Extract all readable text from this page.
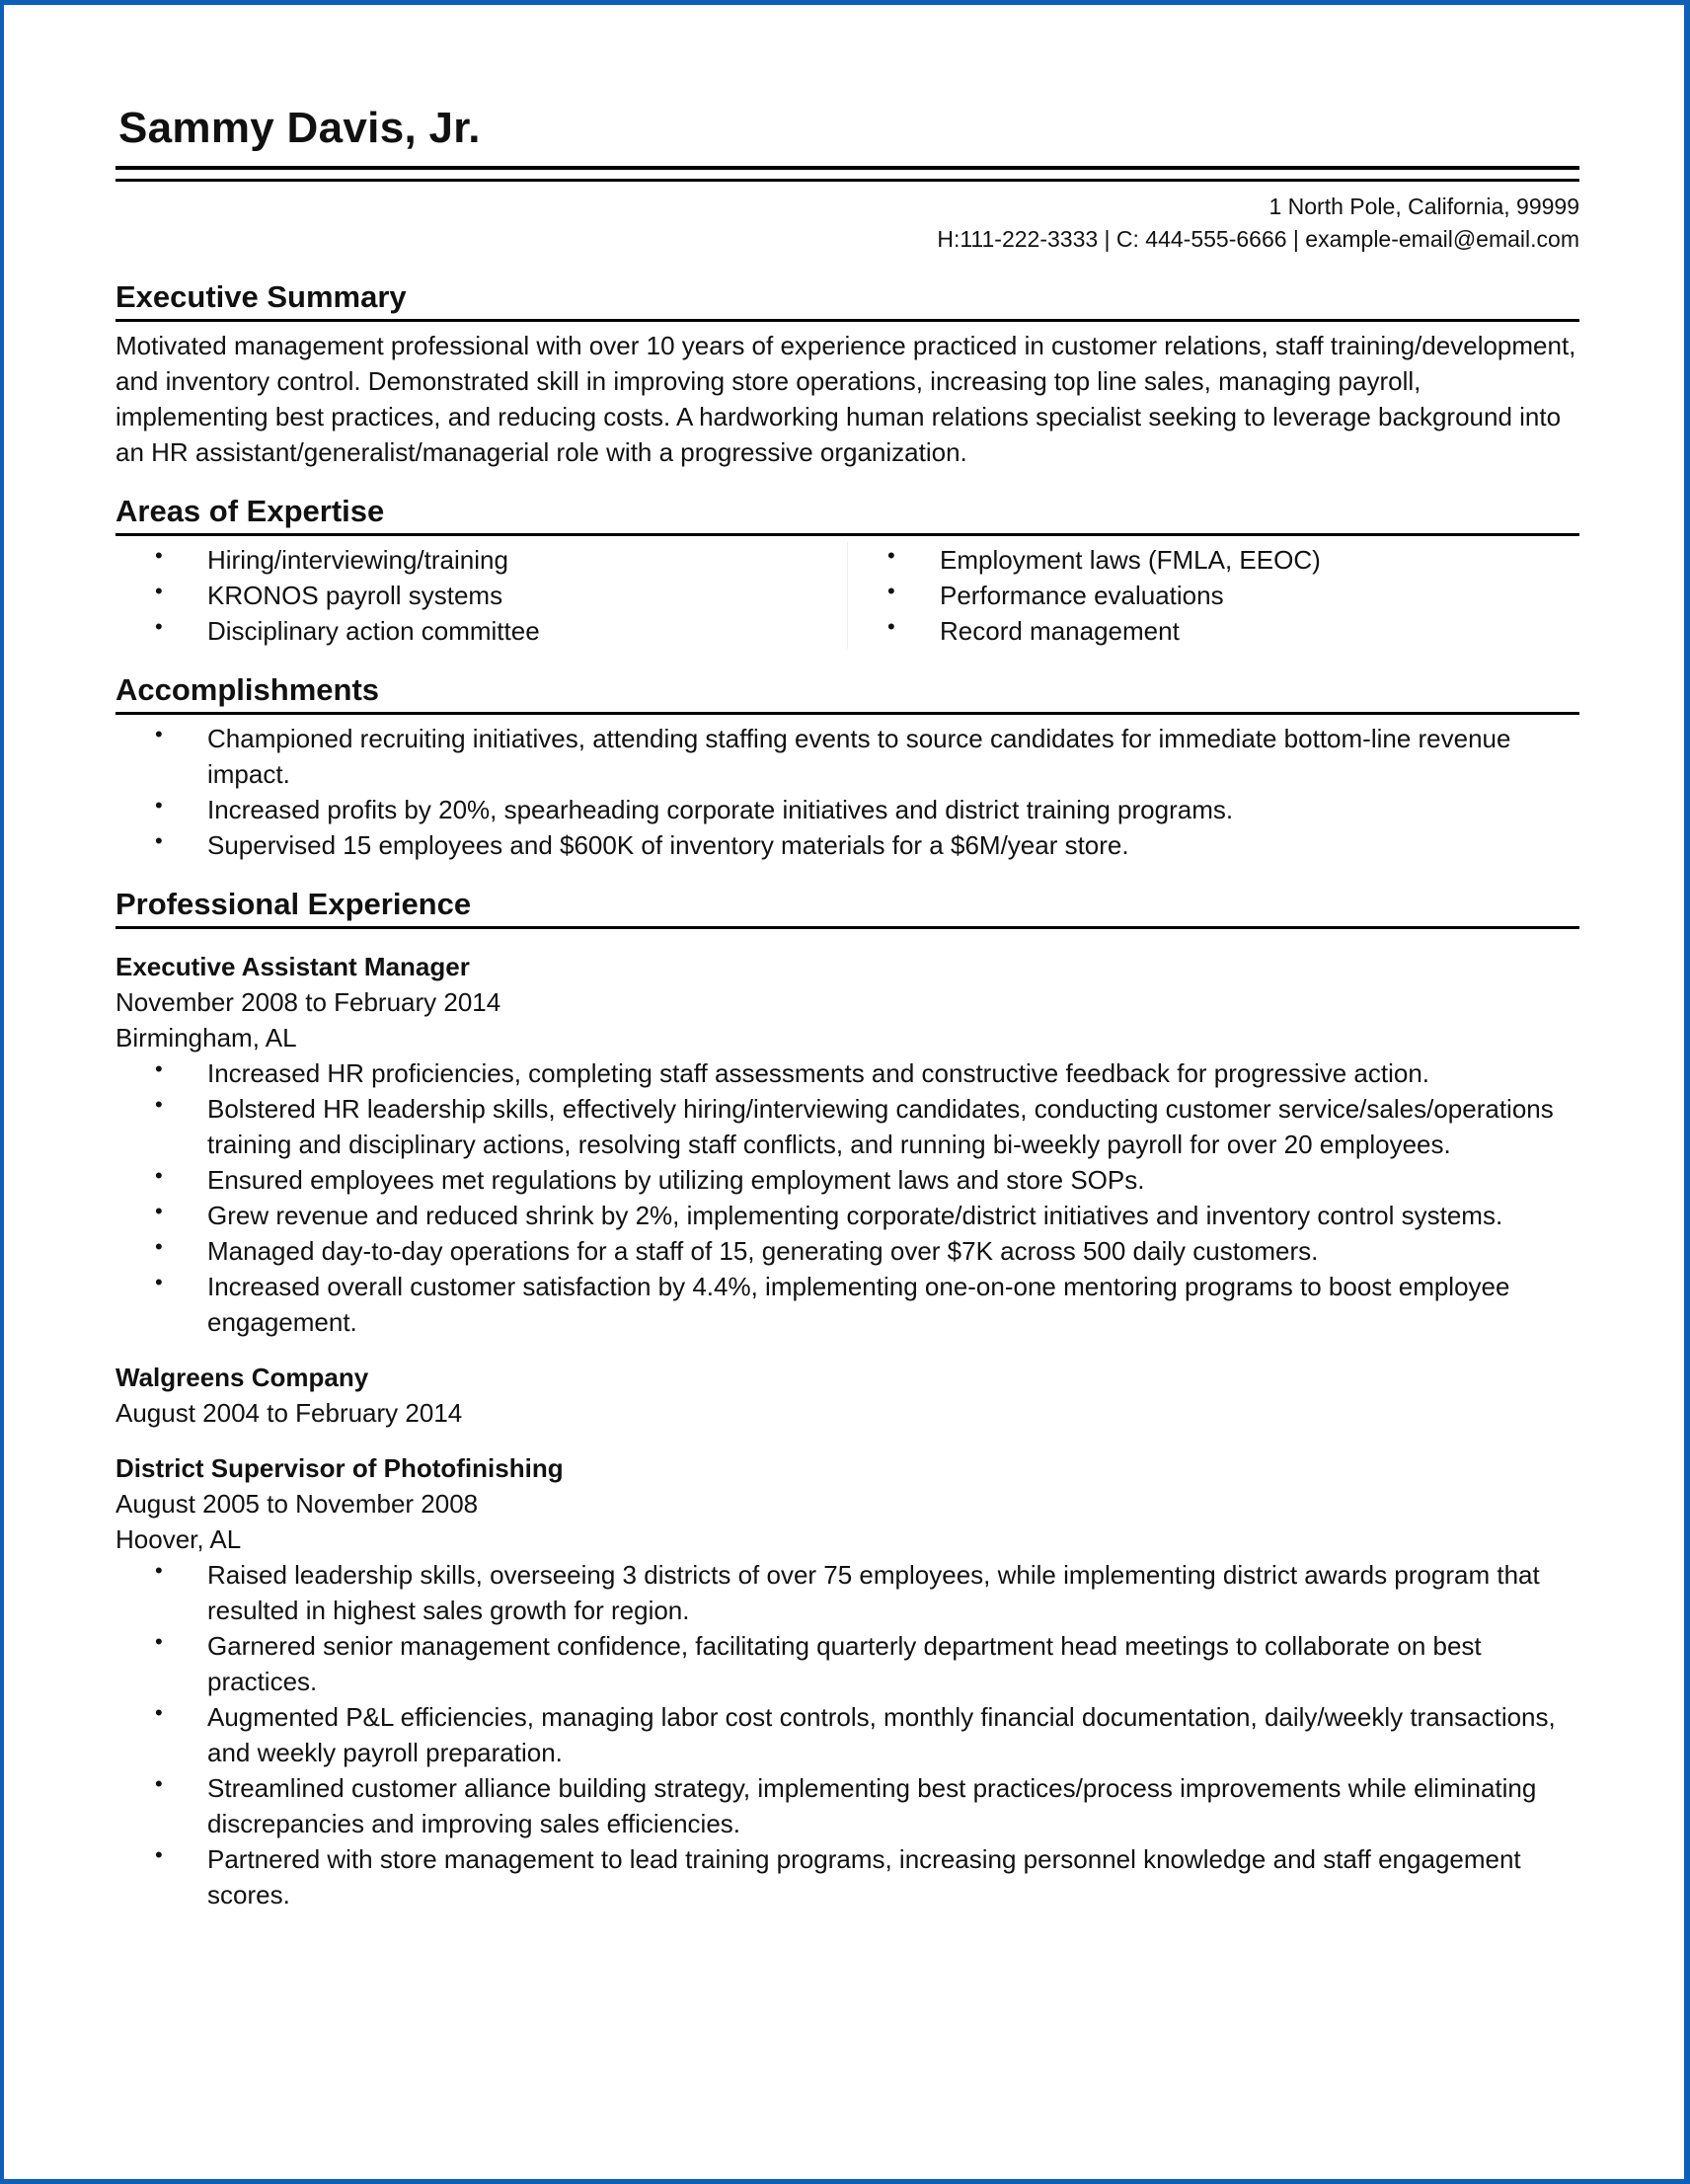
Sammy Davis, Jr.
1 North Pole, California, 99999
H:111-222-3333 | C: 444-555-6666 | example-email@email.com
Executive Summary

Motivated management professional with over 10 years of experience practiced in customer relations, staff training/development, and inventory control. Demonstrated skill in improving store operations, increasing top line sales, managing payroll, implementing best practices, and reducing costs. A hardworking human relations specialist seeking to leverage background into an HR assistant/generalist/managerial role with a progressive organization.

Areas of Expertise
• Hiring/interviewing/training
• KRONOS payroll systems
• Disciplinary action committee
• Employment laws (FMLA, EEOC)
• Performance evaluations
• Record management
Accomplishments
• Championed recruiting initiatives, attending staffing events to source candidates for immediate bottom-line revenue impact.
• Increased profits by 20%, spearheading corporate initiatives and district training programs.
• Supervised 15 employees and $600K of inventory materials for a $6M/year store.
Professional Experience
Executive Assistant Manager
November 2008 to February 2014
Birmingham, AL
• Increased HR proficiencies, completing staff assessments and constructive feedback for progressive action.
• Bolstered HR leadership skills, effectively hiring/interviewing candidates, conducting customer service/sales/operations training and disciplinary actions, resolving staff conflicts, and running bi-weekly payroll for over 20 employees.
• Ensured employees met regulations by utilizing employment laws and store SOPs.
• Grew revenue and reduced shrink by 2%, implementing corporate/district initiatives and inventory control systems.
• Managed day-to-day operations for a staff of 15, generating over $7K across 500 daily customers.
• Increased overall customer satisfaction by 4.4%, implementing one-on-one mentoring programs to boost employee engagement.
Walgreens Company
August 2004 to February 2014
District Supervisor of Photofinishing
August 2005 to November 2008
Hoover, AL
• Raised leadership skills, overseeing 3 districts of over 75 employees, while implementing district awards program that resulted in highest sales growth for region.
• Garnered senior management confidence, facilitating quarterly department head meetings to collaborate on best practices.
• Augmented P&L efficiencies, managing labor cost controls, monthly financial documentation, daily/weekly transactions, and weekly payroll preparation.
• Streamlined customer alliance building strategy, implementing best practices/process improvements while eliminating discrepancies and improving sales efficiencies.
• Partnered with store management to lead training programs, increasing personnel knowledge and staff engagement scores.
